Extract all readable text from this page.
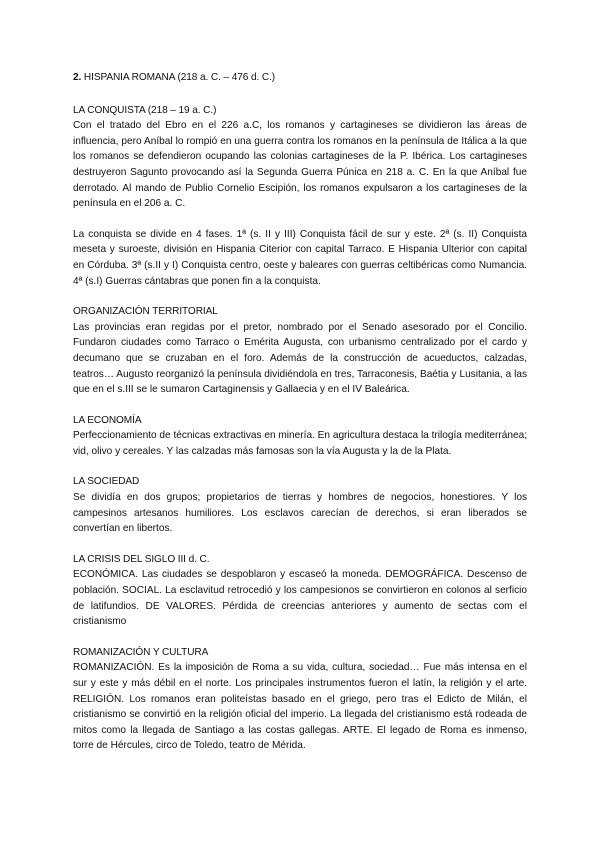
2. HISPANIA ROMANA (218 a. C. – 476 d. C.)
LA CONQUISTA (218 – 19 a. C.)

Con el tratado del Ebro en el 226 a.C, los romanos y cartagineses se dividieron las áreas de influencia, pero Aníbal lo rompió en una guerra contra los romanos en la península de Itálica a la que los romanos se defendieron ocupando las colonias cartagineses de la P. Ibérica. Los cartagineses destruyeron Sagunto provocando así la Segunda Guerra Púnica en 218 a. C. En la que Aníbal fue derrotado. Al mando de Publio Cornelio Escipión, los romanos expulsaron a los cartagineses de la península en el 206 a. C.

La conquista se divide en 4 fases. 1ª (s. II y III) Conquista fácil de sur y este. 2ª (s. II) Conquista meseta y suroeste, división en Hispania Citerior con capital Tarraco. E Hispania Ulterior con capital en Córduba. 3ª (s.II y I) Conquista centro, oeste y baleares con guerras celtibéricas como Numancia. 4ª (s.I) Guerras cántabras que ponen fin a la conquista.

ORGANIZACIÓN TERRITORIAL

Las provincias eran regidas por el pretor, nombrado por el Senado asesorado por el Concilio. Fundaron ciudades como Tarraco o Emérita Augusta, con urbanismo centralizado por el cardo y decumano que se cruzaban en el foro. Además de la construcción de acueductos, calzadas, teatros… Augusto reorganizó la península dividiéndola en tres, Tarraconesis, Baétia y Lusitania, a las que en el s.III se le sumaron Cartaginensis y Gallaecia y en el IV Baleárica.

LA ECONOMÍA

Perfeccionamiento de técnicas extractivas en minería. En agricultura destaca la trilogía mediterránea; vid, olivo y cereales. Y las calzadas más famosas son la vía Augusta y la de la Plata.

LA SOCIEDAD

Se dividía en dos grupos; propietarios de tierras y hombres de negocios, honestiores. Y los campesinos artesanos humiliores. Los esclavos carecían de derechos, si eran liberados se convertían en libertos.

LA CRISIS DEL SIGLO III d. C.

ECONÓMICA. Las ciudades se despoblaron y escaseó la moneda. DEMOGRÁFICA. Descenso de población. SOCIAL. La esclavitud retrocedió y los campesionos se convirtieron en colonos al serficio de latifundios. DE VALORES. Pérdida de creencias anteriores y aumento de sectas com el cristianismo

ROMANIZACIÓN Y CULTURA

ROMANIZACIÓN. Es la imposición de Roma a su vida, cultura, sociedad… Fue más intensa en el sur y este y más débil en el norte. Los principales instrumentos fueron el latín, la religión y el arte. RELIGIÓN. Los romanos eran politeístas basado en el griego, pero tras el Edicto de Milán, el cristianismo se convirtió en la religión oficial del imperio. La llegada del cristianismo está rodeada de mitos como la llegada de Santiago a las costas gallegas. ARTE. El legado de Roma es inmenso, torre de Hércules, circo de Toledo, teatro de Mérida.
